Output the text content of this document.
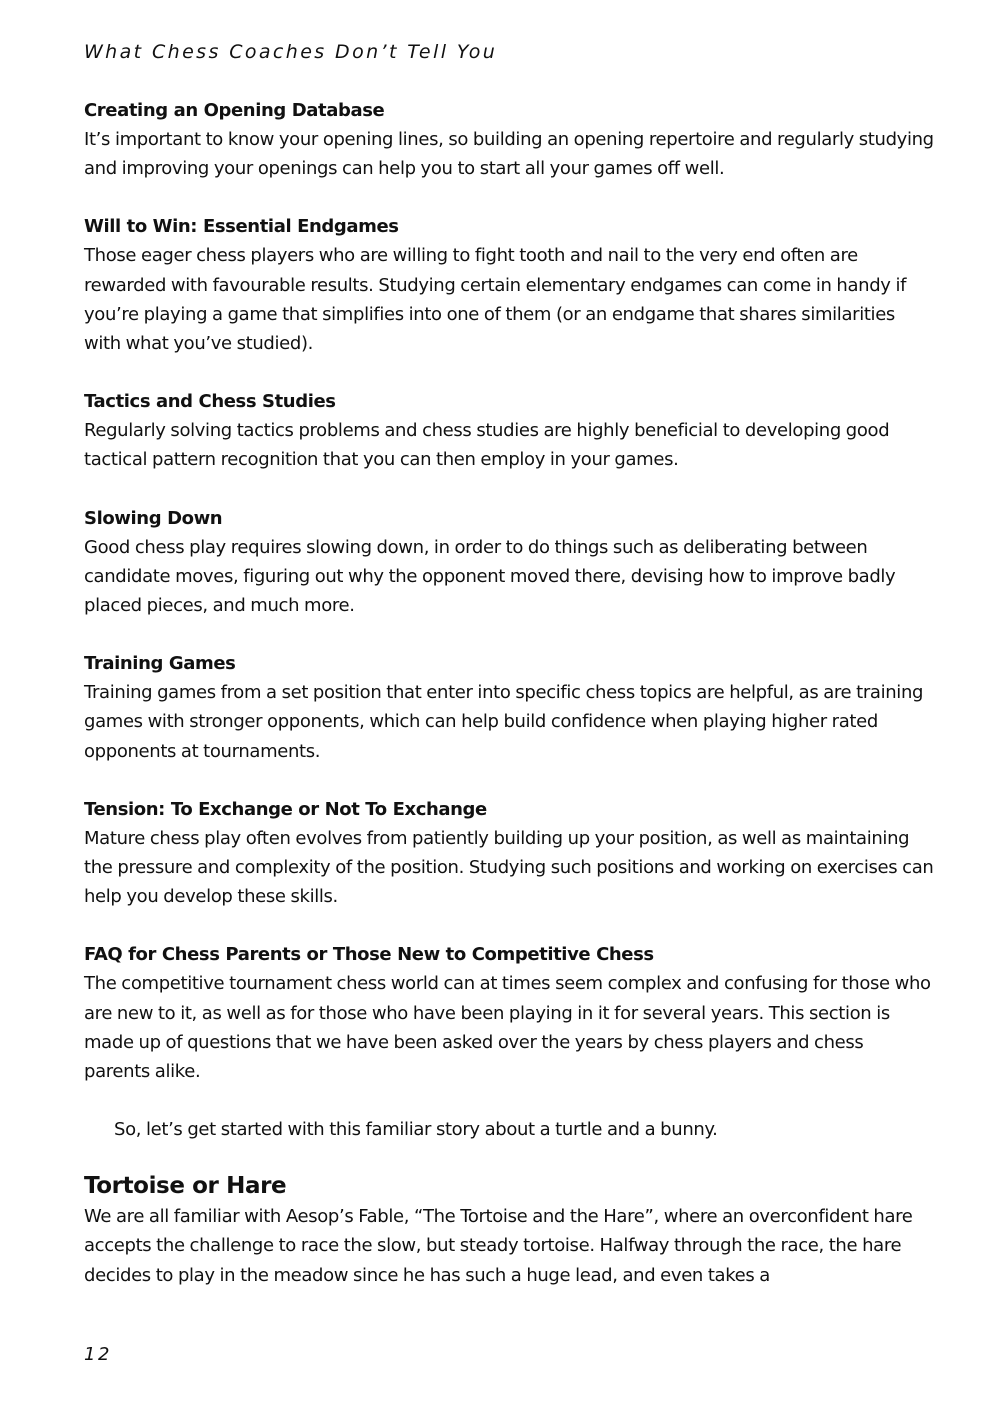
What Chess Coaches Don’t Tell You
Creating an Opening Database

It’s important to know your opening lines, so building an opening repertoire and regularly studying and improving your openings can help you to start all your games off well.

Will to Win: Essential Endgames

Those eager chess players who are willing to fight tooth and nail to the very end often are rewarded with favourable results. Studying certain elementary endgames can come in handy if you’re playing a game that simplifies into one of them (or an endgame that shares similarities with what you’ve studied).

Tactics and Chess Studies

Regularly solving tactics problems and chess studies are highly beneficial to developing good tactical pattern recognition that you can then employ in your games.

Slowing Down

Good chess play requires slowing down, in order to do things such as deliberating between candidate moves, figuring out why the opponent moved there, devising how to improve badly placed pieces, and much more.

Training Games

Training games from a set position that enter into specific chess topics are helpful, as are training games with stronger opponents, which can help build confidence when playing higher rated opponents at tournaments.

Tension: To Exchange or Not To Exchange

Mature chess play often evolves from patiently building up your position, as well as maintaining the pressure and complexity of the position. Studying such positions and working on exercises can help you develop these skills.

FAQ for Chess Parents or Those New to Competitive Chess

The competitive tournament chess world can at times seem complex and confusing for those who are new to it, as well as for those who have been playing in it for several years. This section is made up of questions that we have been asked over the years by chess players and chess parents alike.

So, let’s get started with this familiar story about a turtle and a bunny.

Tortoise or Hare

We are all familiar with Aesop’s Fable, “The Tortoise and the Hare”, where an overconfident hare accepts the challenge to race the slow, but steady tortoise. Halfway through the race, the hare decides to play in the meadow since he has such a huge lead, and even takes a

12
